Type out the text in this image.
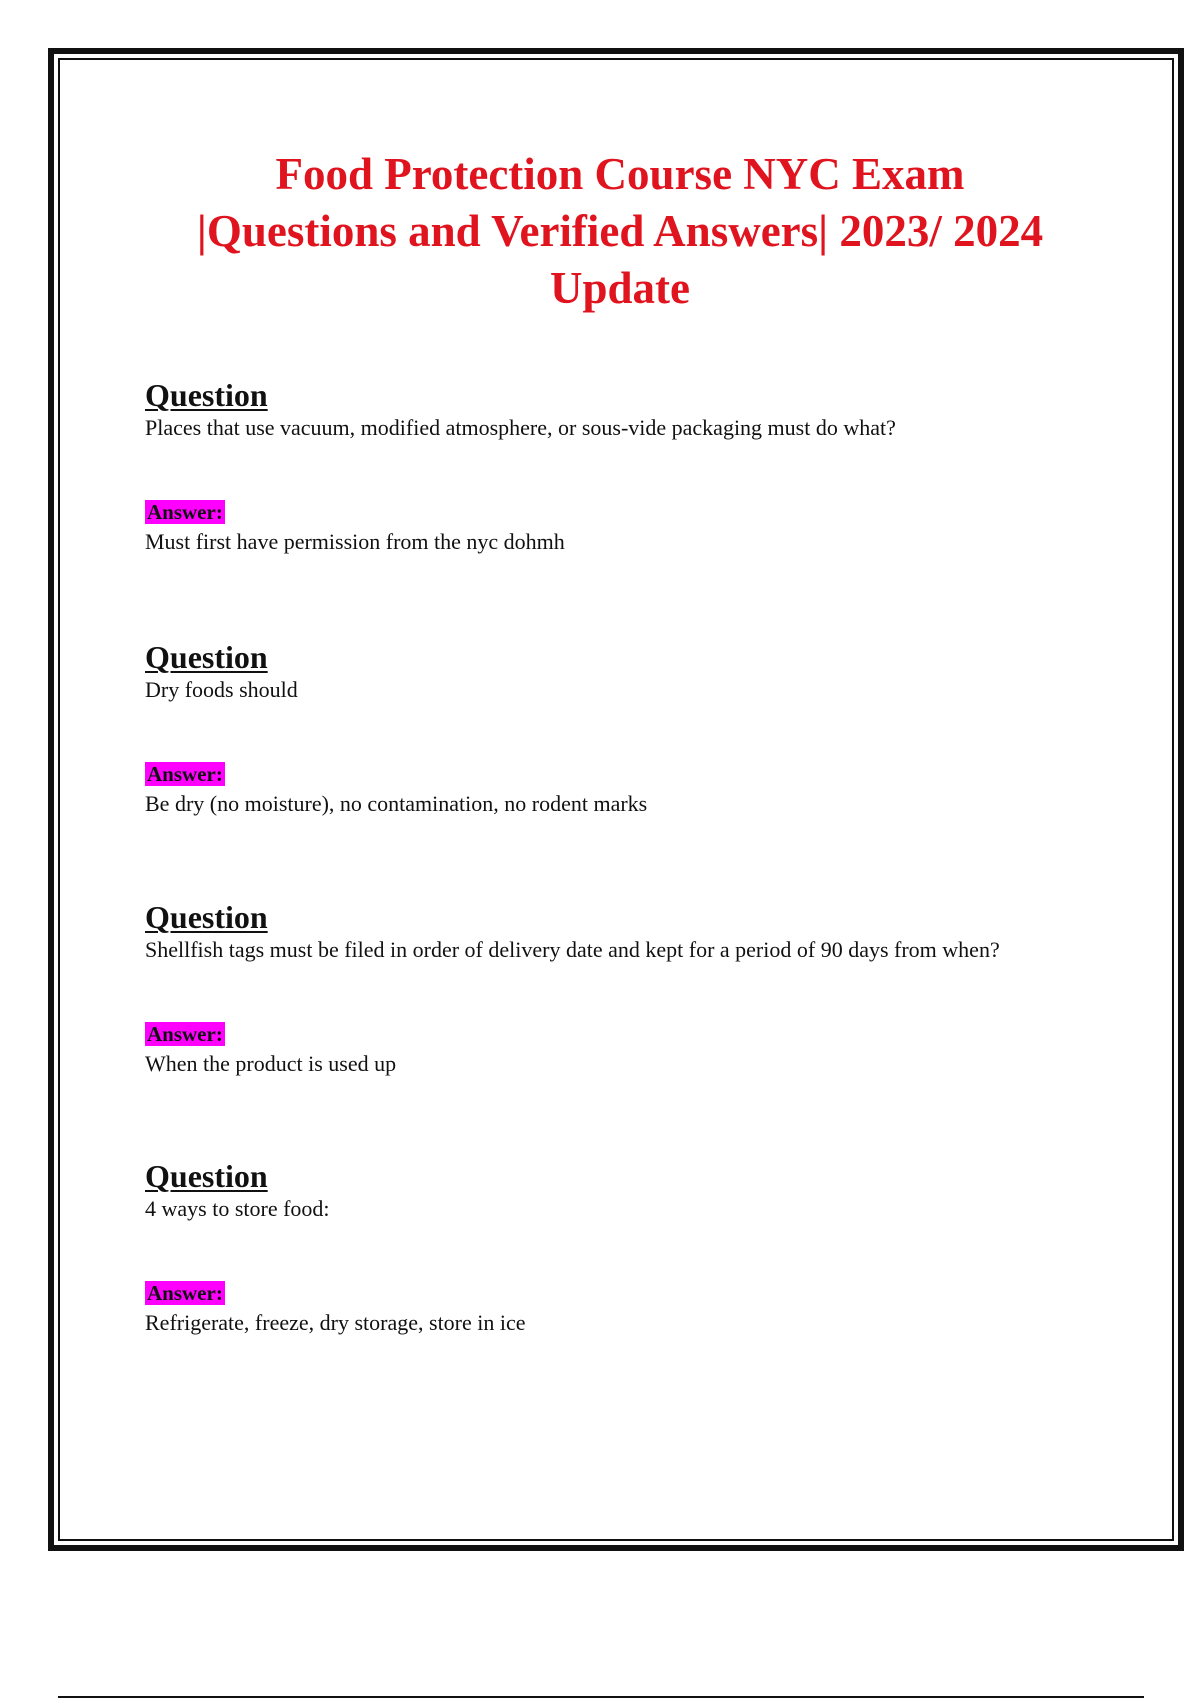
Food Protection Course NYC Exam
|Questions and Verified Answers| 2023/ 2024
Update

Question

Places that use vacuum, modified atmosphere, or sous-vide packaging must do what?

Answer:

Must first have permission from the nyc dohmh

Question

Dry foods should

Answer:

Be dry (no moisture), no contamination, no rodent marks

Question

Shellfish tags must be filed in order of delivery date and kept for a period of 90 days from when?

Answer:

When the product is used up

Question

4 ways to store food:

Answer:

Refrigerate, freeze, dry storage, store in ice
